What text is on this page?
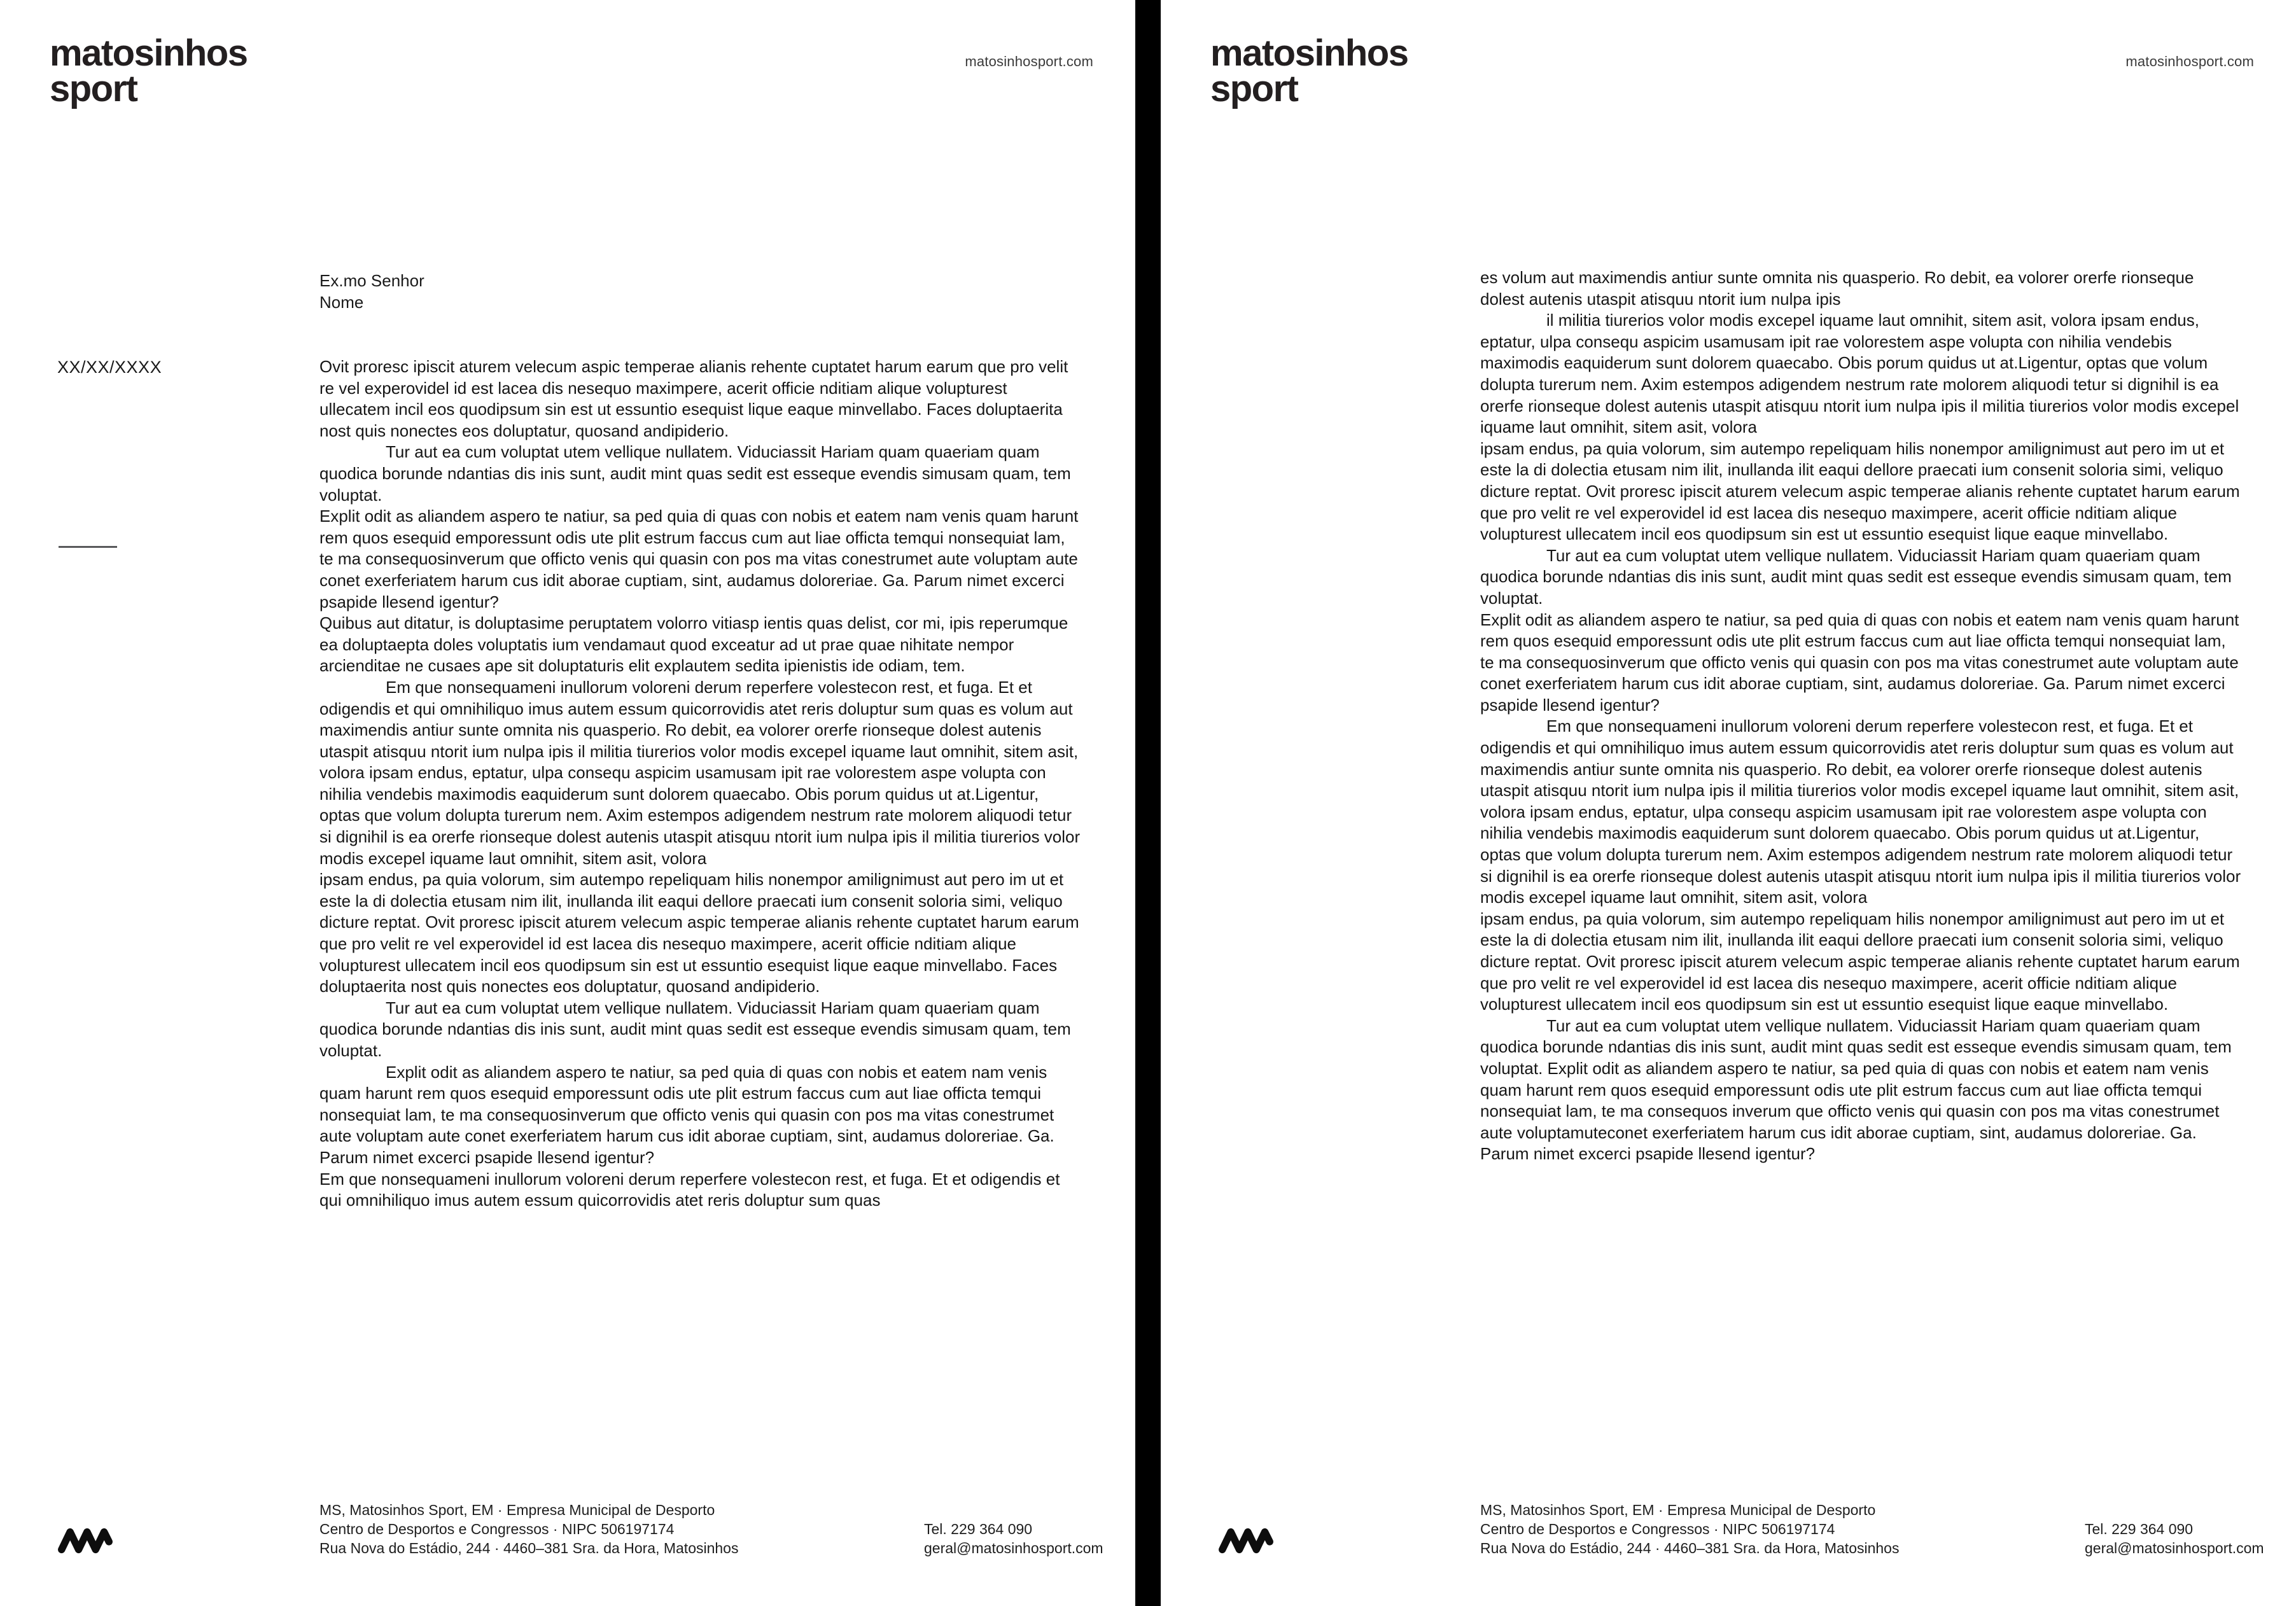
matosinhos
sport
matosinhosport.com
Ex.mo Senhor
Nome
XX/XX/XXXX	Ovit proresc ipiscit aturem velecum aspic temperae alianis rehente cuptatet harum earum que pro velit re vel experovidel id est lacea dis nesequo maximpere, acerit officie nditiam alique volupturest ullecatem incil eos quodipsum sin est ut essuntio esequist lique eaque minvellabo. Faces doluptaerita nost quis nonectes eos doluptatur, quosand andipiderio.

Tur aut ea cum voluptat utem vellique nullatem. Viduciassit Hariam quam quaeriam quam quodica borunde ndantias dis inis sunt, audit mint quas sedit est esseque evendis simusam quam, tem voluptat.

Explit odit as aliandem aspero te natiur, sa ped quia di quas con nobis et eatem nam venis quam harunt rem quos esequid emporessunt odis ute plit estrum faccus cum aut liae officta temqui nonsequiat lam, te ma consequosinverum que officto venis qui quasin con pos ma vitas conestrumet aute voluptam aute conet exerferiatem harum cus idit aborae cuptiam, sint, audamus doloreriae. Ga. Parum nimet excerci psapide llesend igentur?

Quibus aut ditatur, is doluptasime peruptatem volorro vitiasp ientis quas delist, cor mi, ipis reperumque ea doluptaepta doles voluptatis ium vendamaut quod exceatur ad ut prae quae nihitate nempor arcienditae ne cusaes ape sit doluptaturis elit explautem sedita ipienistis ide odiam, tem.

Em que nonsequameni inullorum voloreni derum reperfere volestecon rest, et fuga. Et et odigendis et qui omnihiliquo imus autem essum quicorrovidis atet reris doluptur sum quas es volum aut maximendis antiur sunte omnita nis quasperio. Ro debit, ea volorer orerfe rionseque dolest autenis utaspit atisquu ntorit ium nulpa ipis il militia tiurerios volor modis excepel iquame laut omnihit, sitem asit, volora ipsam endus, eptatur, ulpa consequ aspicim usamusam ipit rae volorestem aspe volupta con nihilia vendebis maximodis eaquiderum sunt dolorem quaecabo. Obis porum quidus ut at.Ligentur, optas que volum dolupta turerum nem. Axim estempos adigendem nestrum rate molorem aliquodi tetur si dignihil is ea orerfe rionseque dolest autenis utaspit atisquu ntorit ium nulpa ipis il militia tiurerios volor modis excepel iquame laut omnihit, sitem asit, volora

ipsam endus, pa quia volorum, sim autempo repeliquam hilis nonempor amilignimust aut pero im ut et este la di dolectia etusam nim ilit, inullanda ilit eaqui dellore praecati ium consenit soloria simi, veliquo dicture reptat. Ovit proresc ipiscit aturem velecum aspic temperae alianis rehente cuptatet harum earum que pro velit re vel experovidel id est lacea dis nesequo maximpere, acerit officie nditiam alique volupturest ullecatem incil eos quodipsum sin est ut essuntio esequist lique eaque minvellabo. Faces doluptaerita nost quis nonectes eos doluptatur, quosand andipiderio.

Tur aut ea cum voluptat utem vellique nullatem. Viduciassit Hariam quam quaeriam quam quodica borunde ndantias dis inis sunt, audit mint quas sedit est esseque evendis simusam quam, tem voluptat.

Explit odit as aliandem aspero te natiur, sa ped quia di quas con nobis et eatem nam venis quam harunt rem quos esequid emporessunt odis ute plit estrum faccus cum aut liae officta temqui nonsequiat lam, te ma consequosinverum que officto venis qui quasin con pos ma vitas conestrumet aute voluptam aute conet exerferiatem harum cus idit aborae cuptiam, sint, audamus doloreriae. Ga. Parum nimet excerci psapide llesend igentur?

Em que nonsequameni inullorum voloreni derum reperfere volestecon rest, et fuga. Et et odigendis et qui omnihiliquo imus autem essum quicorrovidis atet reris doluptur sum quas

MS, Matosinhos Sport, EM · Empresa Municipal de Desporto
Centro de Desportos e Congressos · NIPC 506197174
Rua Nova do Estádio, 244 · 4460–381 Sra. da Hora, Matosinhos
Tel. 229 364 090
geral@matosinhosport.com
matosinhos
sport
matosinhosport.com

es volum aut maximendis antiur sunte omnita nis quasperio. Ro debit, ea volorer orerfe rionseque dolest autenis utaspit atisquu ntorit ium nulpa ipis

il militia tiurerios volor modis excepel iquame laut omnihit, sitem asit, volora ipsam endus, eptatur, ulpa consequ aspicim usamusam ipit rae volorestem aspe volupta con nihilia vendebis maximodis eaquiderum sunt dolorem quaecabo. Obis porum quidus ut at.Ligentur, optas que volum dolupta turerum nem. Axim estempos adigendem nestrum rate molorem aliquodi tetur si dignihil is ea orerfe rionseque dolest autenis utaspit atisquu ntorit ium nulpa ipis il militia tiurerios volor modis excepel iquame laut omnihit, sitem asit, volora

ipsam endus, pa quia volorum, sim autempo repeliquam hilis nonempor amilignimust aut pero im ut et este la di dolectia etusam nim ilit, inullanda ilit eaqui dellore praecati ium consenit soloria simi, veliquo dicture reptat. Ovit proresc ipiscit aturem velecum aspic temperae alianis rehente cuptatet harum earum que pro velit re vel experovidel id est lacea dis nesequo maximpere, acerit officie nditiam alique volupturest ullecatem incil eos quodipsum sin est ut essuntio esequist lique eaque minvellabo.

Tur aut ea cum voluptat utem vellique nullatem. Viduciassit Hariam quam quaeriam quam quodica borunde ndantias dis inis sunt, audit mint quas sedit est esseque evendis simusam quam, tem voluptat.

Explit odit as aliandem aspero te natiur, sa ped quia di quas con nobis et eatem nam venis quam harunt rem quos esequid emporessunt odis ute plit estrum faccus cum aut liae officta temqui nonsequiat lam, te ma consequosinverum que officto venis qui quasin con pos ma vitas conestrumet aute voluptam aute conet exerferiatem harum cus idit aborae cuptiam, sint, audamus doloreriae. Ga. Parum nimet excerci psapide llesend igentur?

Em que nonsequameni inullorum voloreni derum reperfere volestecon rest, et fuga. Et et odigendis et qui omnihiliquo imus autem essum quicorrovidis atet reris doluptur sum quas es volum aut maximendis antiur sunte omnita nis quasperio. Ro debit, ea volorer orerfe rionseque dolest autenis utaspit atisquu ntorit ium nulpa ipis il militia tiurerios volor modis excepel iquame laut omnihit, sitem asit, volora ipsam endus, eptatur, ulpa consequ aspicim usamusam ipit rae volorestem aspe volupta con nihilia vendebis maximodis eaquiderum sunt dolorem quaecabo. Obis porum quidus ut at.Ligentur, optas que volum dolupta turerum nem. Axim estempos adigendem nestrum rate molorem aliquodi tetur si dignihil is ea orerfe rionseque dolest autenis utaspit atisquu ntorit ium nulpa ipis il militia tiurerios volor modis excepel iquame laut omnihit, sitem asit, volora

ipsam endus, pa quia volorum, sim autempo repeliquam hilis nonempor amilignimust aut pero im ut et este la di dolectia etusam nim ilit, inullanda ilit eaqui dellore praecati ium consenit soloria simi, veliquo dicture reptat. Ovit proresc ipiscit aturem velecum aspic temperae alianis rehente cuptatet harum earum que pro velit re vel experovidel id est lacea dis nesequo maximpere, acerit officie nditiam alique volupturest ullecatem incil eos quodipsum sin est ut essuntio esequist lique eaque minvellabo.

Tur aut ea cum voluptat utem vellique nullatem. Viduciassit Hariam quam quaeriam quam quodica borunde ndantias dis inis sunt, audit mint quas sedit est esseque evendis simusam quam, tem voluptat. Explit odit as aliandem aspero te natiur, sa ped quia di quas con nobis et eatem nam venis quam harunt rem quos esequid emporessunt odis ute plit estrum faccus cum aut liae officta temqui nonsequiat lam, te ma consequos inverum que officto venis qui quasin con pos ma vitas conestrumet aute voluptamuteconet exerferiatem harum cus idit aborae cuptiam, sint, audamus doloreriae. Ga. Parum nimet excerci psapide llesend igentur?

MS, Matosinhos Sport, EM · Empresa Municipal de Desporto
Centro de Desportos e Congressos · NIPC 506197174
Rua Nova do Estádio, 244 · 4460–381 Sra. da Hora, Matosinhos
Tel. 229 364 090
geral@matosinhosport.com
